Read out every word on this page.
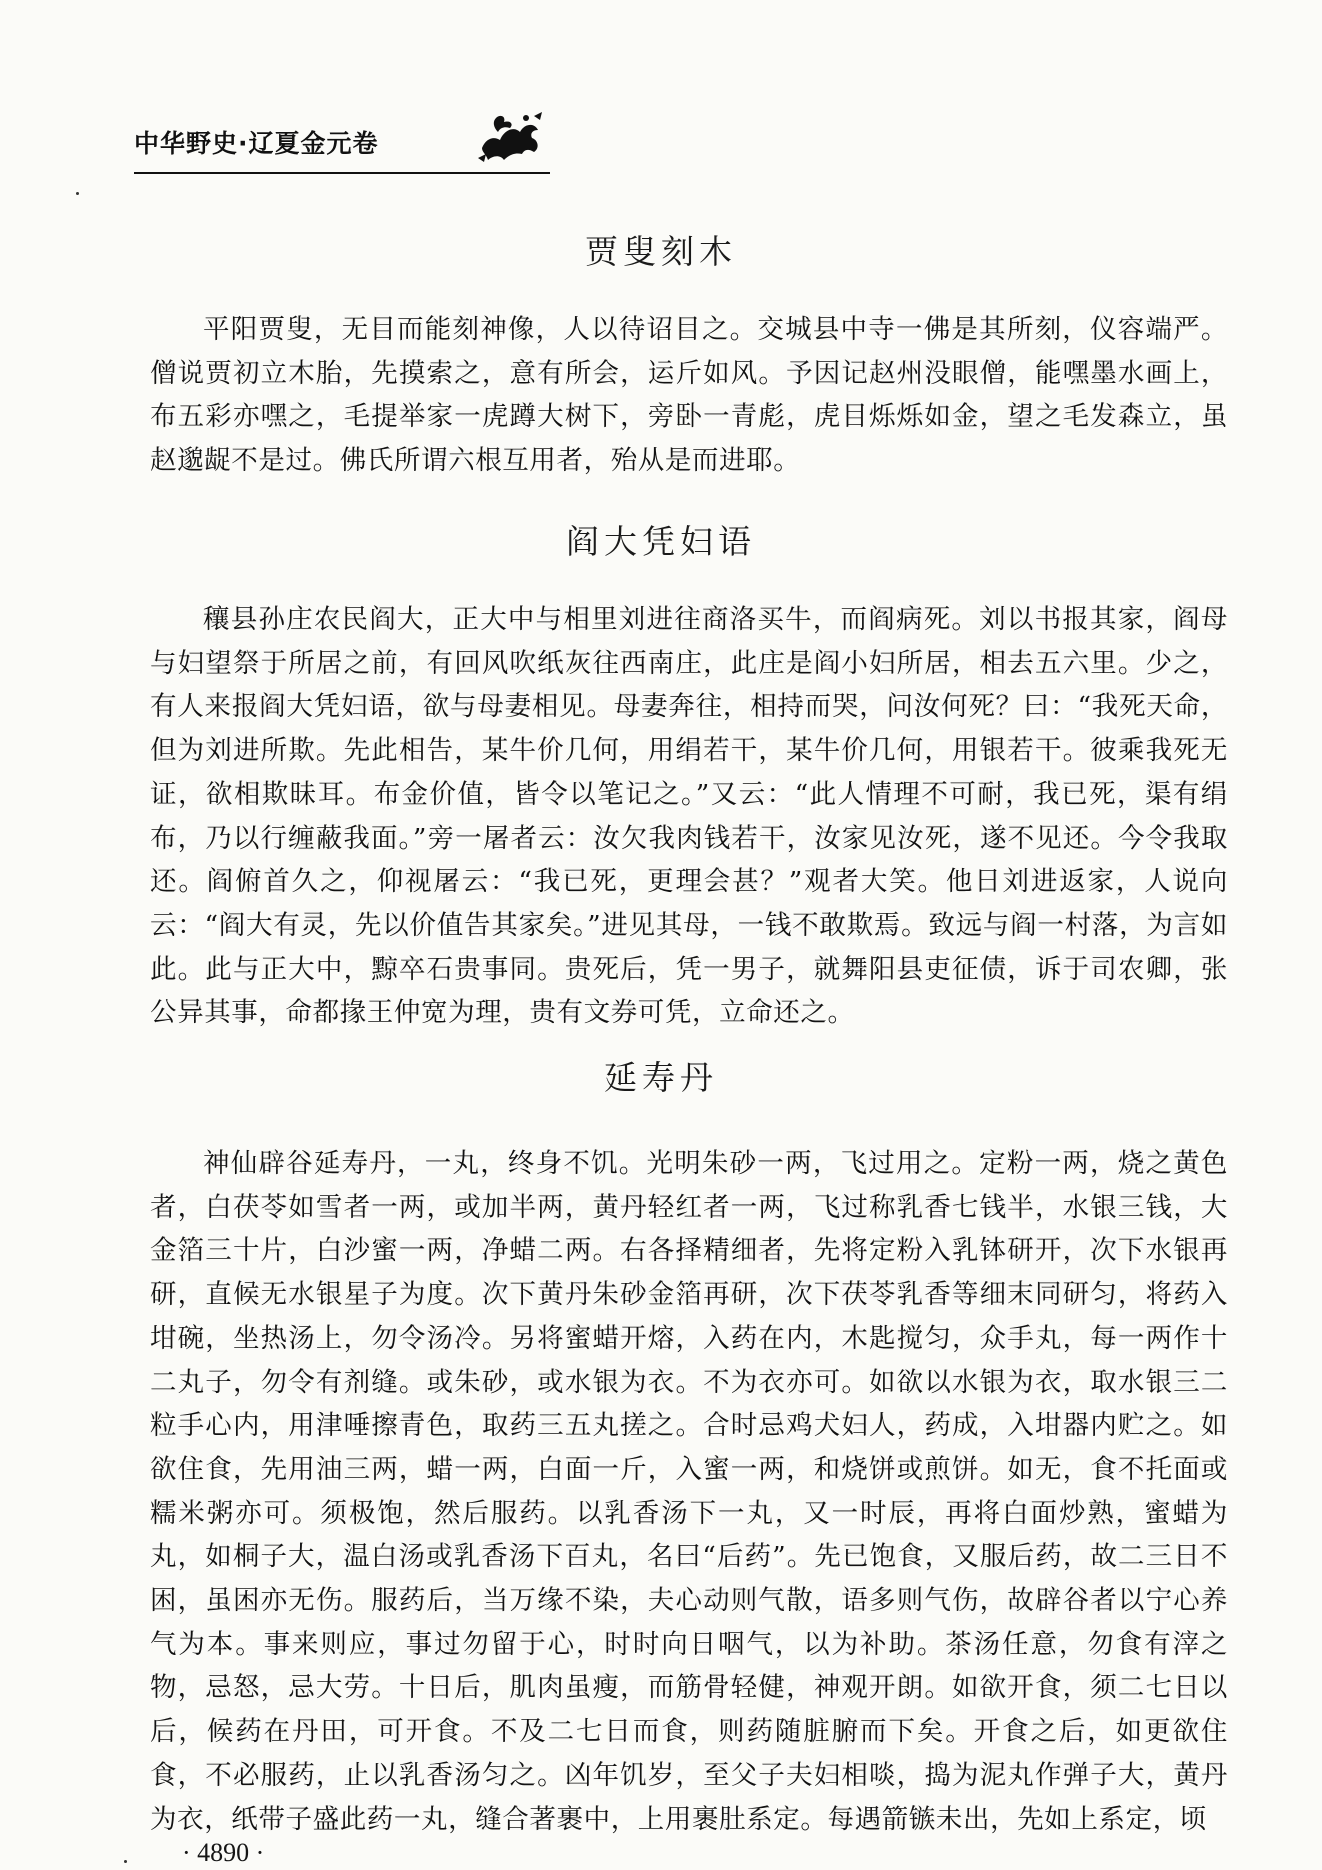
中华野史·辽夏金元卷
贾叟刻木

平阳贾叟，无目而能刻神像，人以待诏目之。交城县中寺一佛是其所刻，仪容端严。僧说贾初立木胎，先摸索之，意有所会，运斤如风。予因记赵州没眼僧，能嘿墨水画上，布五彩亦嘿之，毛提举家一虎蹲大树下，旁卧一青彪，虎目烁烁如金，望之毛发森立，虽赵邈龊不是过。佛氏所谓六根互用者，殆从是而进耶。

阎大凭妇语

穰县孙庄农民阎大，正大中与相里刘进往商洛买牛，而阎病死。刘以书报其家，阎母与妇望祭于所居之前，有回风吹纸灰往西南庄，此庄是阎小妇所居，相去五六里。少之，有人来报阎大凭妇语，欲与母妻相见。母妻奔往，相持而哭，问汝何死？曰：“我死天命，但为刘进所欺。先此相告，某牛价几何，用绢若干，某牛价几何，用银若干。彼乘我死无证，欲相欺昧耳。布金价值，皆令以笔记之。”又云：“此人情理不可耐，我已死，渠有绢布，乃以行缠蔽我面。”旁一屠者云：汝欠我肉钱若干，汝家见汝死，遂不见还。今令我取还。阎俯首久之，仰视屠云：“我已死，更理会甚？”观者大笑。他日刘进返家，人说向云：“阎大有灵，先以价值告其家矣。”进见其母，一钱不敢欺焉。致远与阎一村落，为言如此。此与正大中，黥卒石贵事同。贵死后，凭一男子，就舞阳县吏征债，诉于司农卿，张公异其事，命都掾王仲宽为理，贵有文券可凭，立命还之。

延寿丹

神仙辟谷延寿丹，一丸，终身不饥。光明朱砂一两，飞过用之。定粉一两，烧之黄色者，白茯苓如雪者一两，或加半两，黄丹轻红者一两，飞过称乳香七钱半，水银三钱，大金箔三十片，白沙蜜一两，净蜡二两。右各择精细者，先将定粉入乳钵研开，次下水银再研，直候无水银星子为度。次下黄丹朱砂金箔再研，次下茯苓乳香等细末同研匀，将药入坩碗，坐热汤上，勿令汤冷。另将蜜蜡开熔，入药在内，木匙搅匀，众手丸，每一两作十二丸子，勿令有剂缝。或朱砂，或水银为衣。不为衣亦可。如欲以水银为衣，取水银三二粒手心内，用津唾擦青色，取药三五丸搓之。合时忌鸡犬妇人，药成，入坩器内贮之。如欲住食，先用油三两，蜡一两，白面一斤，入蜜一两，和烧饼或煎饼。如无，食不托面或糯米粥亦可。须极饱，然后服药。以乳香汤下一丸，又一时辰，再将白面炒熟，蜜蜡为丸，如桐子大，温白汤或乳香汤下百丸，名曰“后药”。先已饱食，又服后药，故二三日不困，虽困亦无伤。服药后，当万缘不染，夫心动则气散，语多则气伤，故辟谷者以宁心养气为本。事来则应，事过勿留于心，时时向日咽气，以为补助。茶汤任意，勿食有滓之物，忌怒，忌大劳。十日后，肌肉虽瘦，而筋骨轻健，神观开朗。如欲开食，须二七日以后，候药在丹田，可开食。不及二七日而食，则药随脏腑而下矣。开食之后，如更欲住食，不必服药，止以乳香汤匀之。凶年饥岁，至父子夫妇相啖，捣为泥丸作弹子大，黄丹为衣，纸带子盛此药一丸，缝合著裹中，上用裹肚系定。每遇箭镞未出，先如上系定，顷

· 4890 ·
